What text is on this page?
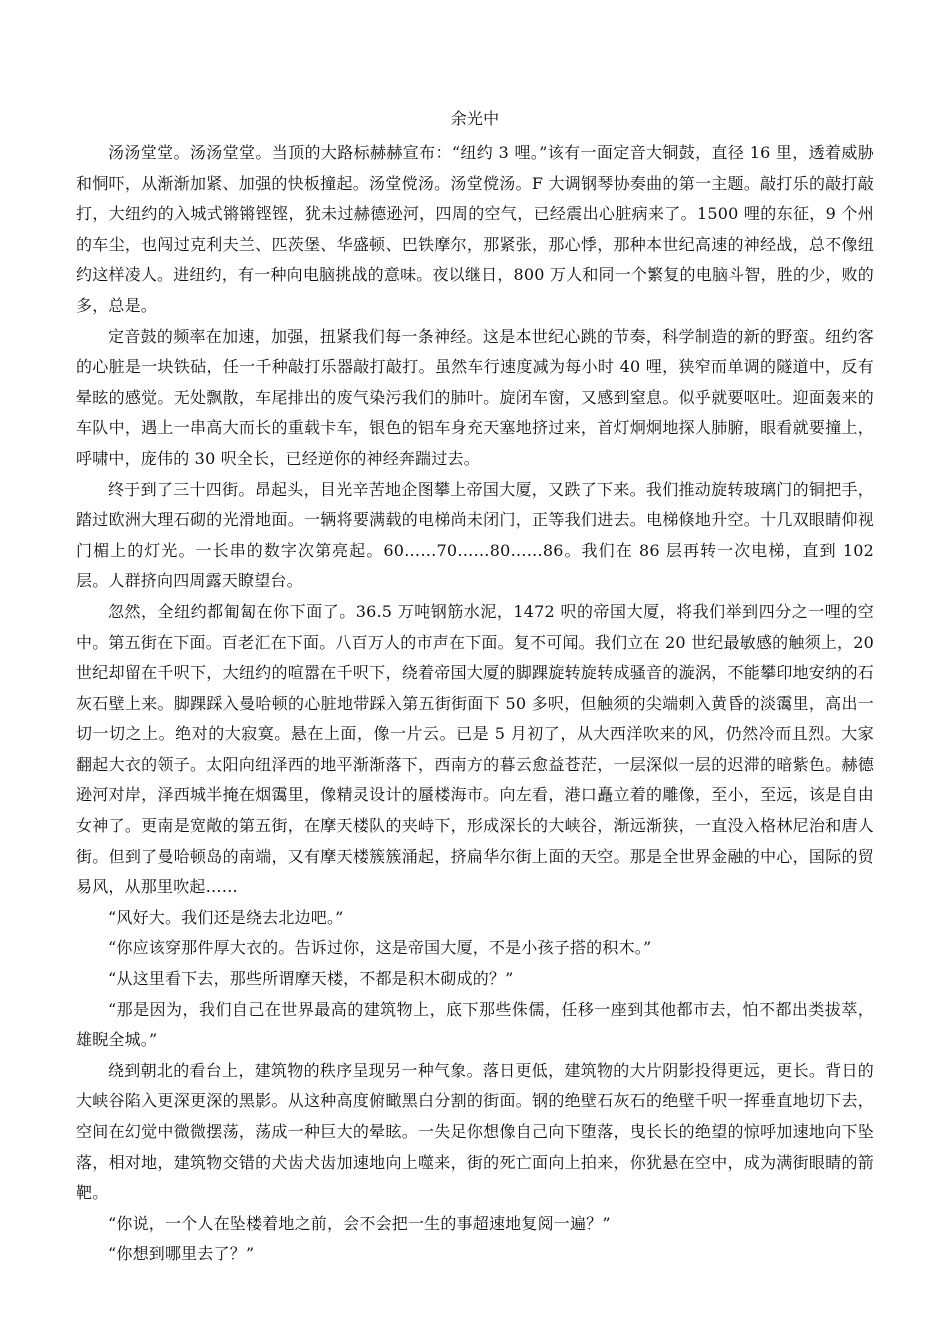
余光中

汤汤堂堂。汤汤堂堂。当顶的大路标赫赫宣布：“纽约 3 哩。”该有一面定音大铜鼓，直径 16 里，透着威胁和恫吓，从渐渐加紧、加强的快板撞起。汤堂傥汤。汤堂傥汤。F 大调钢琴协奏曲的第一主题。敲打乐的敲打敲打，大纽约的入城式锵锵铿铿，犹未过赫德逊河，四周的空气，已经震出心脏病来了。1500 哩的东征，9 个州的车尘，也闯过克利夫兰、匹茨堡、华盛顿、巴铁摩尔，那紧张，那心悸，那种本世纪高速的神经战，总不像纽约这样凌人。进纽约，有一种向电脑挑战的意味。夜以继日，800 万人和同一个繁复的电脑斗智，胜的少，败的多，总是。

定音鼓的频率在加速，加强，扭紧我们每一条神经。这是本世纪心跳的节奏，科学制造的新的野蛮。纽约客的心脏是一块铁砧，任一千种敲打乐器敲打敲打。虽然车行速度减为每小时 40 哩，狭窄而单调的隧道中，反有晕眩的感觉。无处飘散，车尾排出的废气染污我们的肺叶。旋闭车窗，又感到窒息。似乎就要呕吐。迎面轰来的车队中，遇上一串高大而长的重载卡车，银色的铝车身充天塞地挤过来，首灯炯炯地探人肺腑，眼看就要撞上，呼啸中，庞伟的 30 呎全长，已经逆你的神经奔踹过去。

终于到了三十四街。昂起头，目光辛苦地企图攀上帝国大厦，又跌了下来。我们推动旋转玻璃门的铜把手，踏过欧洲大理石砌的光滑地面。一辆将要满载的电梯尚未闭门，正等我们进去。电梯倏地升空。十几双眼睛仰视门楣上的灯光。一长串的数字次第亮起。60……70……80……86。我们在 86 层再转一次电梯，直到 102 层。人群挤向四周露天瞭望台。

忽然，全纽约都匍匐在你下面了。36.5 万吨钢筋水泥，1472 呎的帝国大厦，将我们举到四分之一哩的空中。第五街在下面。百老汇在下面。八百万人的市声在下面。复不可闻。我们立在 20 世纪最敏感的触须上，20 世纪却留在千呎下，大纽约的喧嚣在千呎下，绕着帝国大厦的脚踝旋转旋转成骚音的漩涡，不能攀印地安纳的石灰石壁上来。脚踝踩入曼哈顿的心脏地带踩入第五街街面下 50 多呎，但触须的尖端刺入黄昏的淡霭里，高出一切一切之上。绝对的大寂寞。悬在上面，像一片云。已是 5 月初了，从大西洋吹来的风，仍然冷而且烈。大家翻起大衣的领子。太阳向纽泽西的地平渐渐落下，西南方的暮云愈益苍茫，一层深似一层的迟滞的暗紫色。赫德逊河对岸，泽西城半掩在烟霭里，像精灵设计的蜃楼海市。向左看，港口矗立着的雕像，至小，至远，该是自由女神了。更南是宽敞的第五街，在摩天楼队的夹峙下，形成深长的大峡谷，渐远渐狭，一直没入格林尼治和唐人街。但到了曼哈顿岛的南端，又有摩天楼簇簇涌起，挤扁华尔街上面的天空。那是全世界金融的中心，国际的贸易风，从那里吹起……

“风好大。我们还是绕去北边吧。”

“你应该穿那件厚大衣的。告诉过你，这是帝国大厦，不是小孩子搭的积木。”

“从这里看下去，那些所谓摩天楼，不都是积木砌成的？”

“那是因为，我们自己在世界最高的建筑物上，底下那些侏儒，任移一座到其他都市去，怕不都出类拔萃，雄睨全城。”

绕到朝北的看台上，建筑物的秩序呈现另一种气象。落日更低，建筑物的大片阴影投得更远，更长。背日的大峡谷陷入更深更深的黑影。从这种高度俯瞰黑白分割的街面。钢的绝壁石灰石的绝壁千呎一挥垂直地切下去，空间在幻觉中微微摆荡，荡成一种巨大的晕眩。一失足你想像自己向下堕落，曳长长的绝望的惊呼加速地向下坠落，相对地，建筑物交错的犬齿犬齿加速地向上噬来，街的死亡面向上拍来，你犹悬在空中，成为满街眼睛的箭靶。

“你说，一个人在坠楼着地之前，会不会把一生的事超速地复阅一遍？”

“你想到哪里去了？”
